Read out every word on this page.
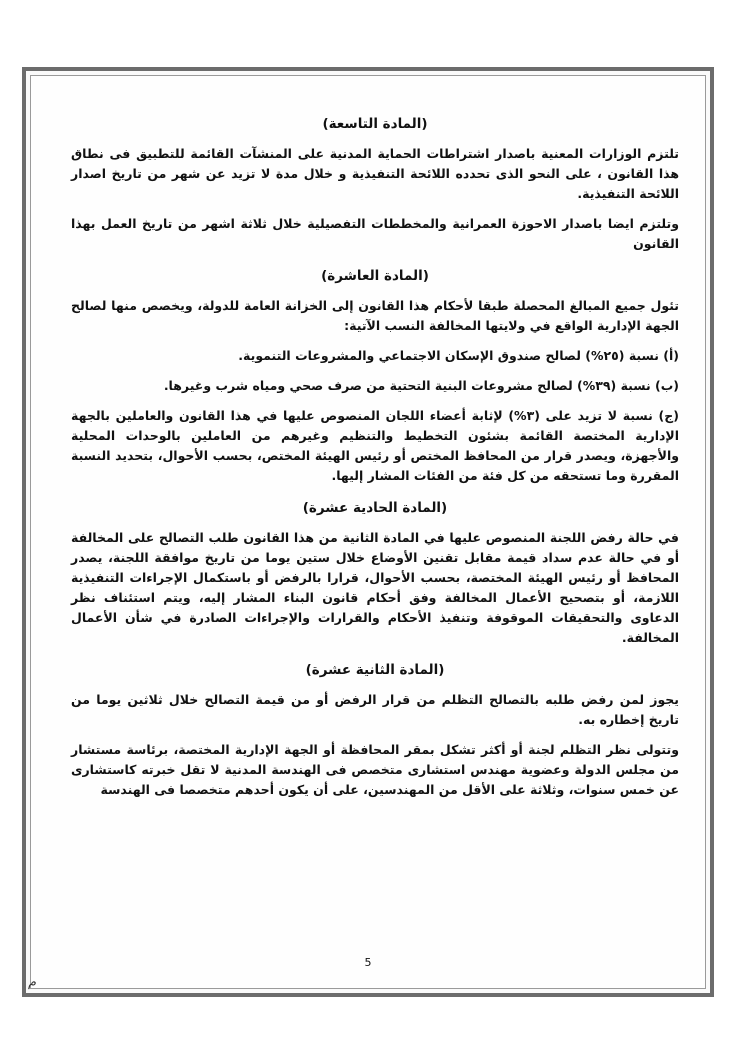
(المادة التاسعة)

تلتزم الوزارات المعنية باصدار اشتراطات الحماية المدنية على المنشآت القائمة للتطبيق فى نطاق هذا القانون ، على النحو الذى تحدده اللائحة التنفيذية و خلال مدة لا تزيد عن شهر من تاريخ اصدار اللائحة التنفيذية.

وتلتزم ايضا باصدار الاحوزة العمرانية والمخططات التفصيلية خلال ثلاثة اشهر من تاريخ العمل بهذا القانون

(المادة العاشرة)

تئول جميع المبالغ المحصلة طبقا لأحكام هذا القانون إلى الخزانة العامة للدولة، ويخصص منها لصالح الجهة الإدارية الواقع في ولايتها المخالفة النسب الآتية:

(أ) نسبة (٢٥%) لصالح صندوق الإسكان الاجتماعي والمشروعات التنموية.

(ب) نسبة (٣٩%) لصالح مشروعات البنية التحتية من صرف صحي ومياه شرب وغيرها.

(ج) نسبة لا تزيد على (٣%) لإثابة أعضاء اللجان المنصوص عليها في هذا القانون والعاملين بالجهة الإدارية المختصة القائمة بشئون التخطيط والتنظيم وغيرهم من العاملين بالوحدات المحلية والأجهزة، ويصدر قرار من المحافظ المختص أو رئيس الهيئة المختص، بحسب الأحوال، بتحديد النسبة المقررة وما تستحقه من كل فئة من الفئات المشار إليها.

(المادة الحادية عشرة)

في حالة رفض اللجنة المنصوص عليها في المادة الثانية من هذا القانون طلب التصالح على المخالفة أو في حالة عدم سداد قيمة مقابل تقنين الأوضاع خلال ستين يوما من تاريخ موافقة اللجنة، يصدر المحافظ أو رئيس الهيئة المختصة، بحسب الأحوال، قرارا بالرفض أو باستكمال الإجراءات التنفيذية اللازمة، أو بتصحيح الأعمال المخالفة وفق أحكام قانون البناء المشار إليه، ويتم استئناف نظر الدعاوى والتحقيقات الموقوفة وتنفيذ الأحكام والقرارات والإجراءات الصادرة في شأن الأعمال المخالفة.

(المادة الثانية عشرة)

يجوز لمن رفض طلبه بالتصالح التظلم من قرار الرفض أو من قيمة التصالح خلال ثلاثين يوما من تاريخ إخطاره به.

وتتولى نظر التظلم لجنة أو أكثر تشكل بمقر المحافظة أو الجهة الإدارية المختصة، برئاسة مستشار من مجلس الدولة وعضوية مهندس استشارى متخصص فى الهندسة المدنية لا تقل خبرته كاستشارى عن خمس سنوات، وثلاثة على الأقل من المهندسين، على أن يكون أحدهم متخصصا فى الهندسة

5
م
